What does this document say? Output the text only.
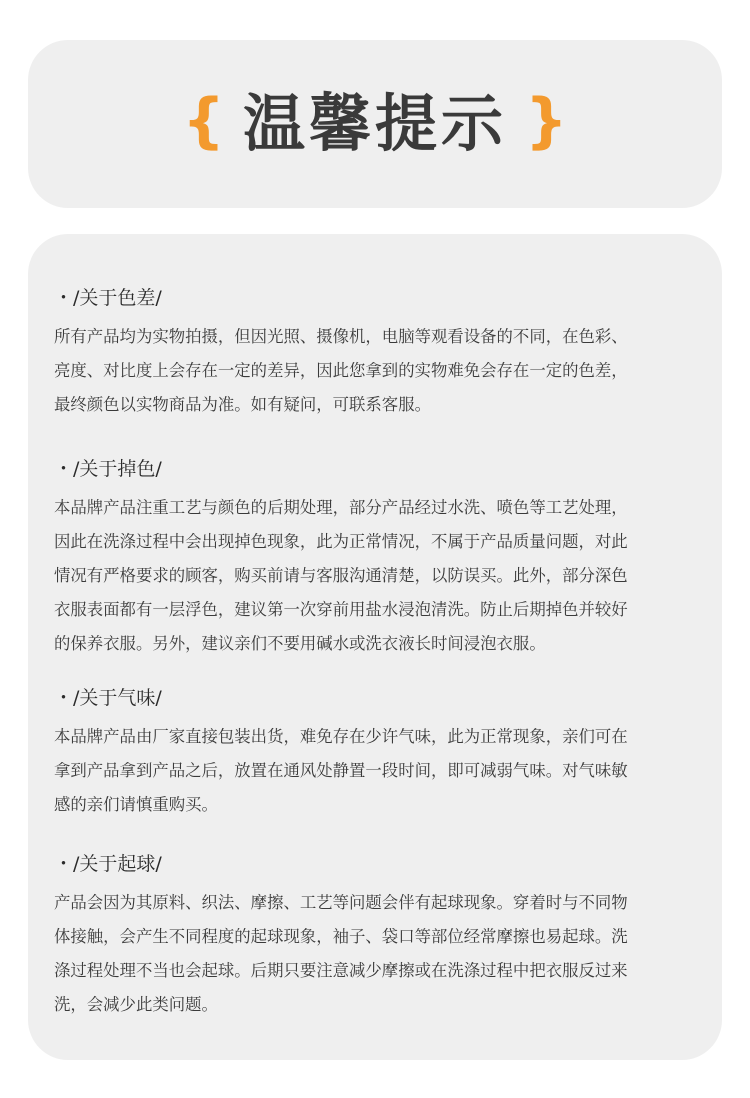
{ 温馨提示 }
・/关于色差/
所有产品均为实物拍摄，但因光照、摄像机，电脑等观看设备的不同，在色彩、
亮度、对比度上会存在一定的差异，因此您拿到的实物难免会存在一定的色差，
最终颜色以实物商品为准。如有疑问，可联系客服。
・/关于掉色/
本品牌产品注重工艺与颜色的后期处理，部分产品经过水洗、喷色等工艺处理，
因此在洗涤过程中会出现掉色现象，此为正常情况，不属于产品质量问题，对此
情况有严格要求的顾客，购买前请与客服沟通清楚，以防误买。此外，部分深色
衣服表面都有一层浮色，建议第一次穿前用盐水浸泡清洗。防止后期掉色并较好
的保养衣服。另外，建议亲们不要用碱水或洗衣液长时间浸泡衣服。
・/关于气味/
本品牌产品由厂家直接包装出货，难免存在少许气味，此为正常现象，亲们可在
拿到产品拿到产品之后，放置在通风处静置一段时间，即可减弱气味。对气味敏
感的亲们请慎重购买。
・/关于起球/
产品会因为其原料、织法、摩擦、工艺等问题会伴有起球现象。穿着时与不同物
体接触，会产生不同程度的起球现象，袖子、袋口等部位经常摩擦也易起球。洗
涤过程处理不当也会起球。后期只要注意减少摩擦或在洗涤过程中把衣服反过来
洗，会减少此类问题。
